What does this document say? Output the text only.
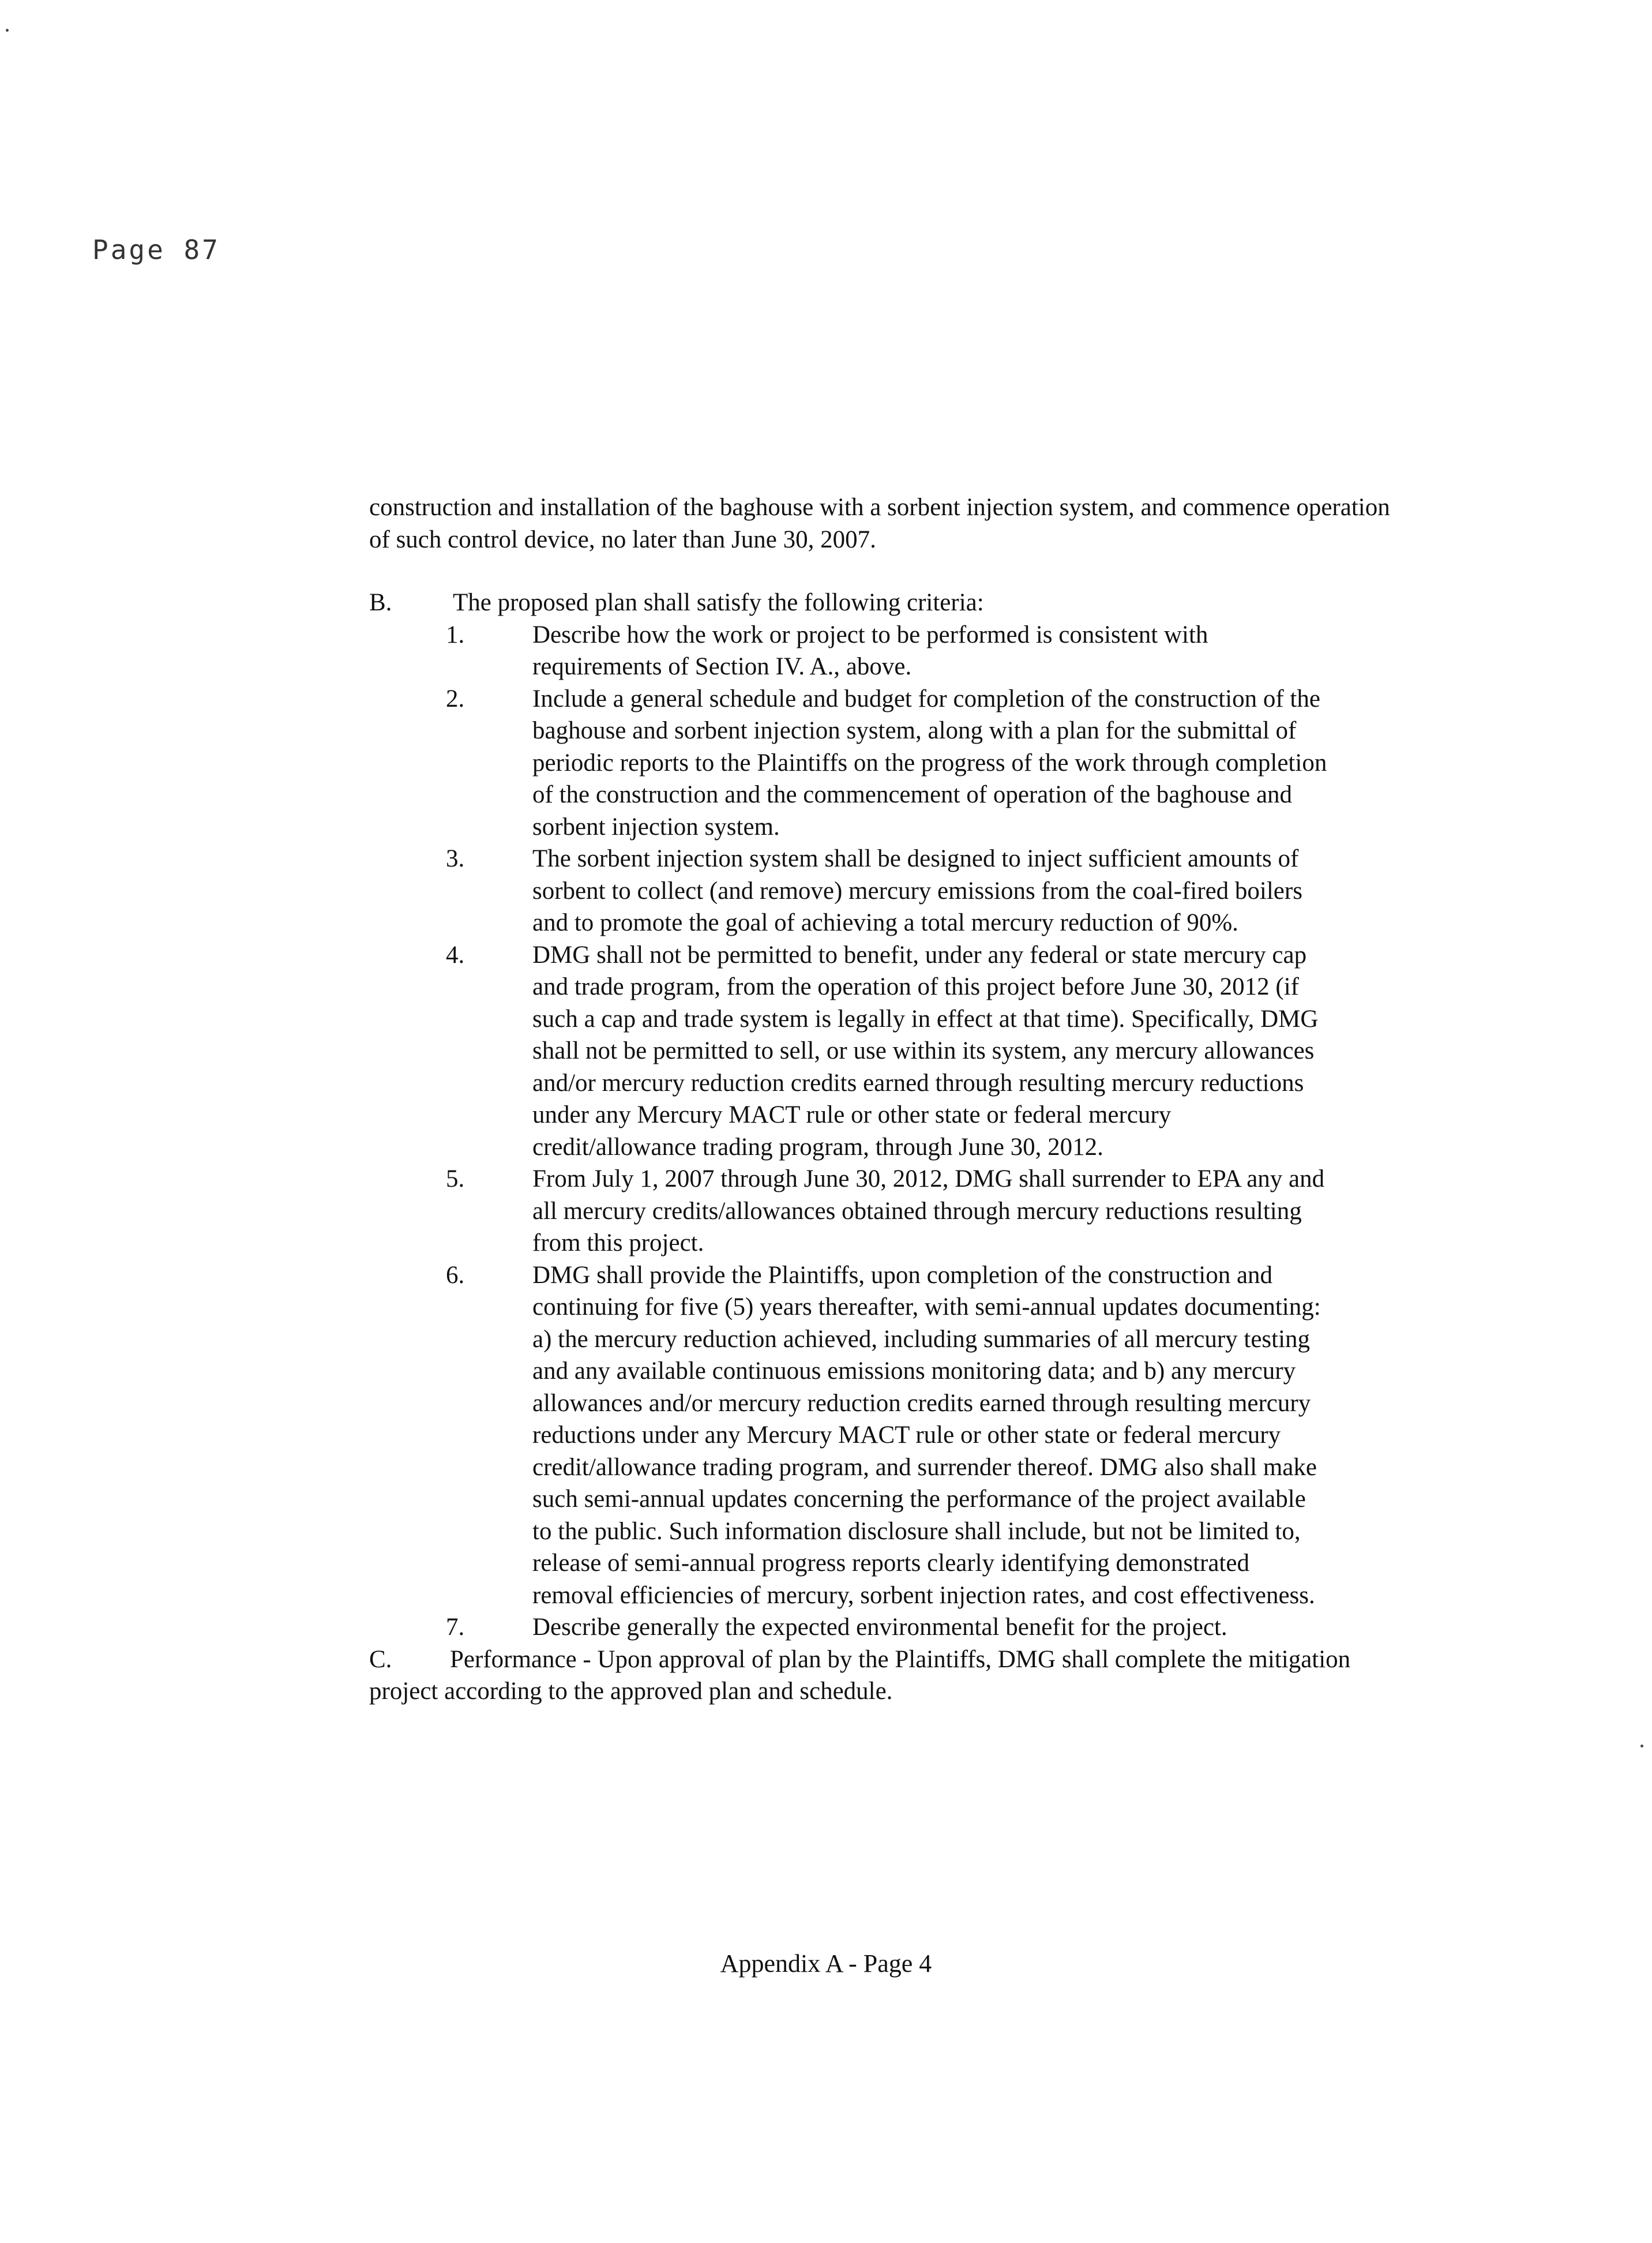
Page 87

construction and installation of the baghouse with a sorbent injection system, and commence operation of such control device, no later than June 30, 2007.

B.	The proposed plan shall satisfy the following criteria:
1.	Describe how the work or project to be performed is consistent with requirements of Section IV. A., above.
2.	Include a general schedule and budget for completion of the construction of the baghouse and sorbent injection system, along with a plan for the submittal of periodic reports to the Plaintiffs on the progress of the work through completion of the construction and the commencement of operation of the baghouse and sorbent injection system.
3.	The sorbent injection system shall be designed to inject sufficient amounts of sorbent to collect (and remove) mercury emissions from the coal-fired boilers and to promote the goal of achieving a total mercury reduction of 90%.
4.	DMG shall not be permitted to benefit, under any federal or state mercury cap and trade program, from the operation of this project before June 30, 2012 (if such a cap and trade system is legally in effect at that time). Specifically, DMG shall not be permitted to sell, or use within its system, any mercury allowances and/or mercury reduction credits earned through resulting mercury reductions under any Mercury MACT rule or other state or federal mercury credit/allowance trading program, through June 30, 2012.
5.	From July 1, 2007 through June 30, 2012, DMG shall surrender to EPA any and all mercury credits/allowances obtained through mercury reductions resulting from this project.
6.	DMG shall provide the Plaintiffs, upon completion of the construction and continuing for five (5) years thereafter, with semi-annual updates documenting: a) the mercury reduction achieved, including summaries of all mercury testing and any available continuous emissions monitoring data; and b) any mercury allowances and/or mercury reduction credits earned through resulting mercury reductions under any Mercury MACT rule or other state or federal mercury credit/allowance trading program, and surrender thereof. DMG also shall make such semi-annual updates concerning the performance of the project available to the public. Such information disclosure shall include, but not be limited to, release of semi-annual progress reports clearly identifying demonstrated removal efficiencies of mercury, sorbent injection rates, and cost effectiveness.
7.	Describe generally the expected environmental benefit for the project.

C. Performance - Upon approval of plan by the Plaintiffs, DMG shall complete the mitigation project according to the approved plan and schedule.

Appendix A - Page 4
